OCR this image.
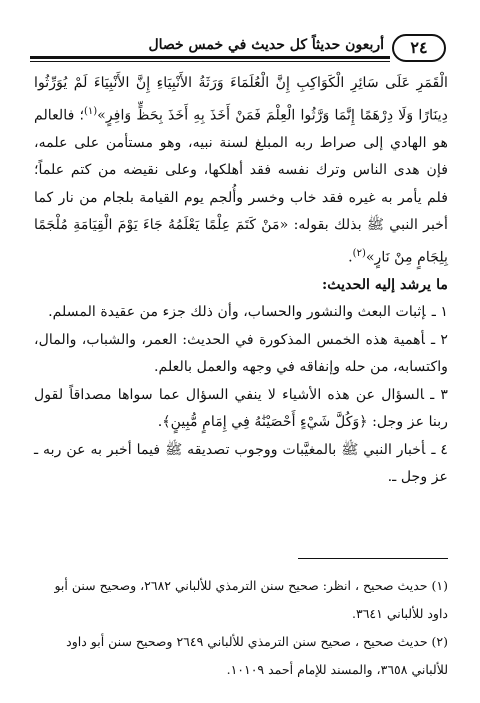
٢٤
أربعون حديثاً كل حديث في خمس خصال

الْقَمَرِ عَلَى سَائِرِ الْكَوَاكِبِ إِنَّ الْعُلَمَاءَ وَرَثَةُ الأَنْبِيَاءِ إِنَّ الأَنْبِيَاءَ لَمْ يُوَرِّثُوا دِينَارًا وَلَا دِرْهَمًا إِنَّمَا وَرَّثُوا الْعِلْمَ فَمَنْ أَخَذَ بِهِ أَخَذَ بِحَظٍّ وَافِرٍ»$^{(١)}$؛ فالعالم هو الهادي إلى صراط ربه المبلغ لسنة نبيه، وهو مستأمن على علمه، فإن هدى الناس وترك نفسه فقد أهلكها، وعلى نقيضه من كتم علماً؛ فلم يأمر به غيره فقد خاب وخسر وأُلجم يوم القيامة بلجام من نار كما أخبر النبي ﷺ بذلك بقوله: «مَنْ كَتَمَ عِلْمًا يَعْلَمُهُ جَاءَ يَوْمَ الْقِيَامَةِ مُلْجَمًا بِلِجَامٍ مِنْ نَارٍ»$^{(٢)}$.

ما يرشد إليه الحديث:

١ ـإثبات البعث والنشور والحساب، وأن ذلك جزء من عقيدة المسلم.

٢ ـأهمية هذه الخمس المذكورة في الحديث: العمر، والشباب، والمال، واكتسابه، من حله وإنفاقه في وجهه والعمل بالعلم.

٣ ـالسؤال عن هذه الأشياء لا ينفي السؤال عما سواها مصداقاً لقول ربنا عز وجل: ﴿وَكُلَّ شَيْءٍ أَحْصَيْنَٰهُ فِي إِمَامٍ مُّبِينٍ﴾.

٤ ـأخبار النبي ﷺ بالمغيَّبات ووجوب تصديقه ﷺ فيما أخبر به عن ربه ـ عز وجل ـ.

(١) حديث صحيح ، انظر: صحيح سنن الترمذي للألباني ٢٦٨٢، وصحيح سنن أبو داود للألباني ٣٦٤١.

(٢) حديث صحيح ، صحيح سنن الترمذي للألباني ٢٦٤٩ وصحيح سنن أبو داود للألباني ٣٦٥٨، والمسند للإمام أحمد ١٠١٠٩.
